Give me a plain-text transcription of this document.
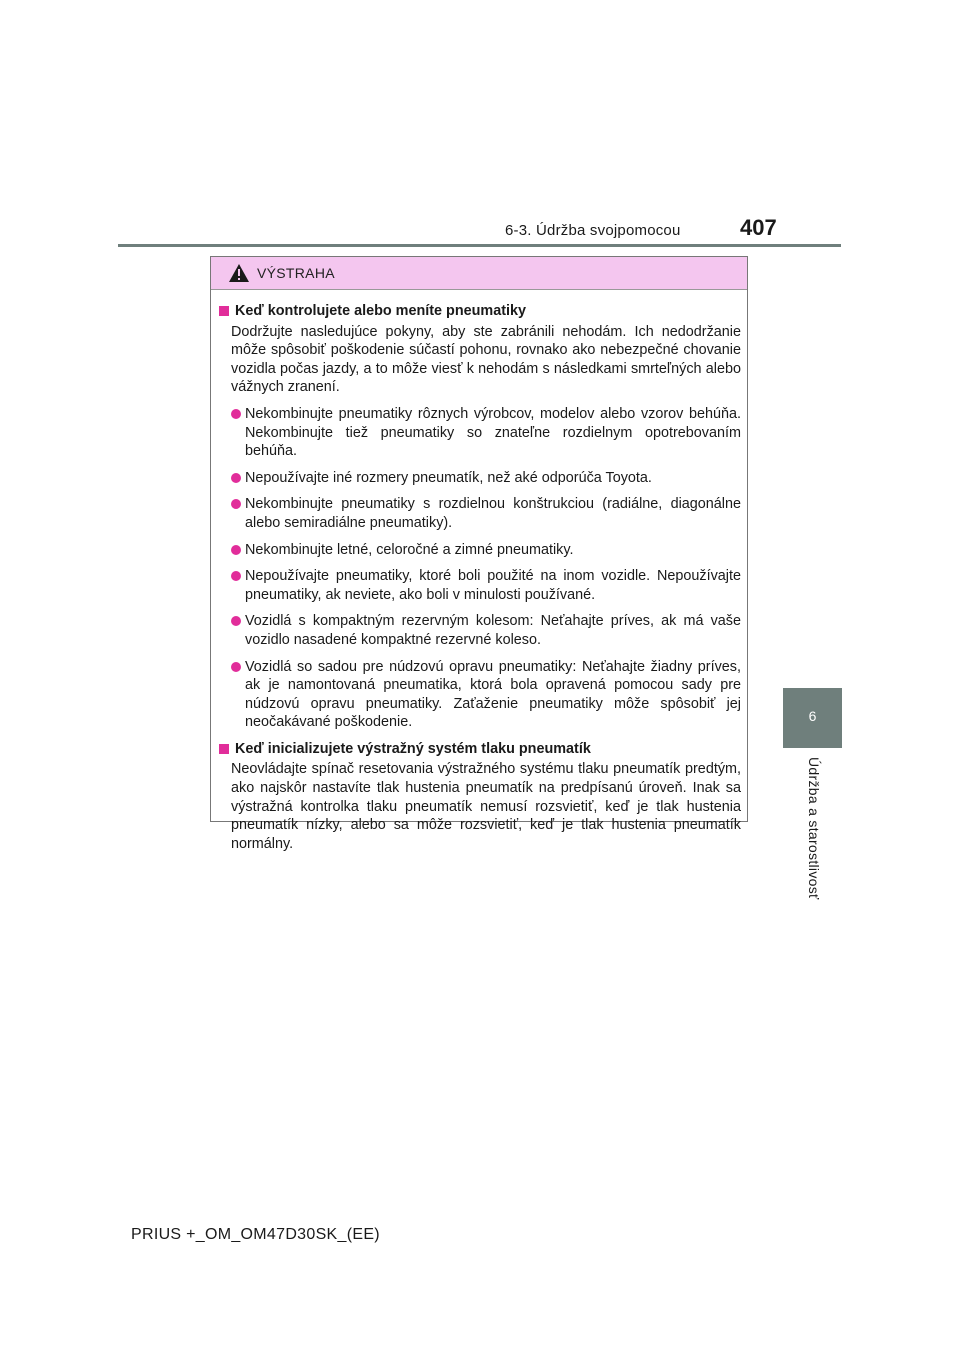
6-3. Údržba svojpomocou	407
6
Údržba a starostlivosť
VÝSTRAHA
Keď kontrolujete alebo meníte pneumatiky

Dodržujte nasledujúce pokyny, aby ste zabránili nehodám. Ich nedodržanie môže spôsobiť poškodenie súčastí pohonu, rovnako ako nebezpečné chovanie vozidla počas jazdy, a to môže viesť k nehodám s následkami smrteľných alebo vážnych zranení.

Nekombinujte pneumatiky rôznych výrobcov, modelov alebo vzorov behúňa. Nekombinujte tiež pneumatiky so znateľne rozdielnym opotrebovaním behúňa.
Nepoužívajte iné rozmery pneumatík, než aké odporúča Toyota.
Nekombinujte pneumatiky s rozdielnou konštrukciou (radiálne, diagonálne alebo semiradiálne pneumatiky).
Nekombinujte letné, celoročné a zimné pneumatiky.
Nepoužívajte pneumatiky, ktoré boli použité na inom vozidle. Nepoužívajte pneumatiky, ak neviete, ako boli v minulosti používané.
Vozidlá s kompaktným rezervným kolesom: Neťahajte príves, ak má vaše vozidlo nasadené kompaktné rezervné koleso.
Vozidlá so sadou pre núdzovú opravu pneumatiky: Neťahajte žiadny príves, ak je namontovaná pneumatika, ktorá bola opravená pomocou sady pre núdzovú opravu pneumatiky. Zaťaženie pneumatiky môže spôsobiť jej neočakávané poškodenie.
Keď inicializujete výstražný systém tlaku pneumatík

Neovládajte spínač resetovania výstražného systému tlaku pneumatík predtým, ako najskôr nastavíte tlak hustenia pneumatík na predpísanú úroveň. Inak sa výstražná kontrolka tlaku pneumatík nemusí rozsvietiť, keď je tlak hustenia pneumatík nízky, alebo sa môže rozsvietiť, keď je tlak hustenia pneumatík normálny.

PRIUS +_OM_OM47D30SK_(EE)
